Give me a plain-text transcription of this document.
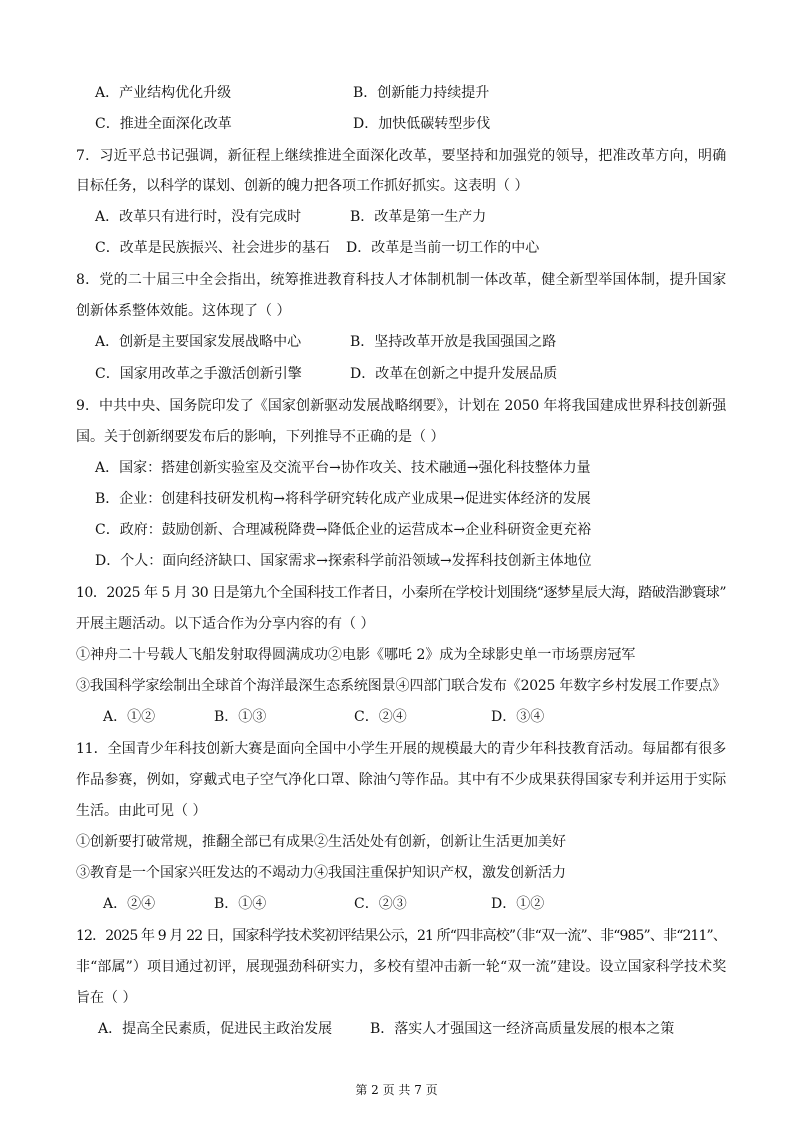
A．产业结构优化升级	B．创新能力持续提升
C．推进全面深化改革	D．加快低碳转型步伐
7．习近平总书记强调，新征程上继续推进全面深化改革，要坚持和加强党的领导，把准改革方向，明确
目标任务，以科学的谋划、创新的魄力把各项工作抓好抓实。这表明（ ）
A．改革只有进行时，没有完成时	B．改革是第一生产力
C．改革是民族振兴、社会进步的基石 D．改革是当前一切工作的中心
8．党的二十届三中全会指出，统筹推进教育科技人才体制机制一体改革，健全新型举国体制，提升国家
创新体系整体效能。这体现了（ ）
A．创新是主要国家发展战略中心	B．坚持改革开放是我国强国之路
C．国家用改革之手激活创新引擎	D．改革在创新之中提升发展品质
9．中共中央、国务院印发了《国家创新驱动发展战略纲要》，计划在 2050 年将我国建成世界科技创新强
国。关于创新纲要发布后的影响，下列推导不正确的是（ ）
A．国家：搭建创新实验室及交流平台→协作攻关、技术融通→强化科技整体力量
B．企业：创建科技研发机构→将科学研究转化成产业成果→促进实体经济的发展
C．政府：鼓励创新、合理减税降费→降低企业的运营成本→企业科研资金更充裕
D．个人：面向经济缺口、国家需求→探索科学前沿领域→发挥科技创新主体地位
10．2025 年 5 月 30 日是第九个全国科技工作者日，小秦所在学校计划围绕“逐梦星辰大海，踏破浩渺寰球”
开展主题活动。以下适合作为分享内容的有（ ）
①神舟二十号载人飞船发射取得圆满成功②电影《哪吒 2》成为全球影史单一市场票房冠军
③我国科学家绘制出全球首个海洋最深生态系统图景④四部门联合发布《2025 年数字乡村发展工作要点》
A．①②	B．①③	C．②④	D．③④
11．全国青少年科技创新大赛是面向全国中小学生开展的规模最大的青少年科技教育活动。每届都有很多
作品参赛，例如，穿戴式电子空气净化口罩、除油勺等作品。其中有不少成果获得国家专利并运用于实际
生活。由此可见（ ）
①创新要打破常规，推翻全部已有成果②生活处处有创新，创新让生活更加美好
③教育是一个国家兴旺发达的不竭动力④我国注重保护知识产权，激发创新活力
A．②④	B．①④	C．②③	D．①②
12．2025 年 9 月 22 日，国家科学技术奖初评结果公示，21 所“四非高校”（非“双一流”、非“985”、非“211”、
非“部属”）项目通过初评，展现强劲科研实力，多校有望冲击新一轮“双一流”建设。设立国家科学技术奖
旨在（ ）
A．提高全民素质，促进民主政治发展	B．落实人才强国这一经济高质量发展的根本之策
第 2 页 共 7 页
